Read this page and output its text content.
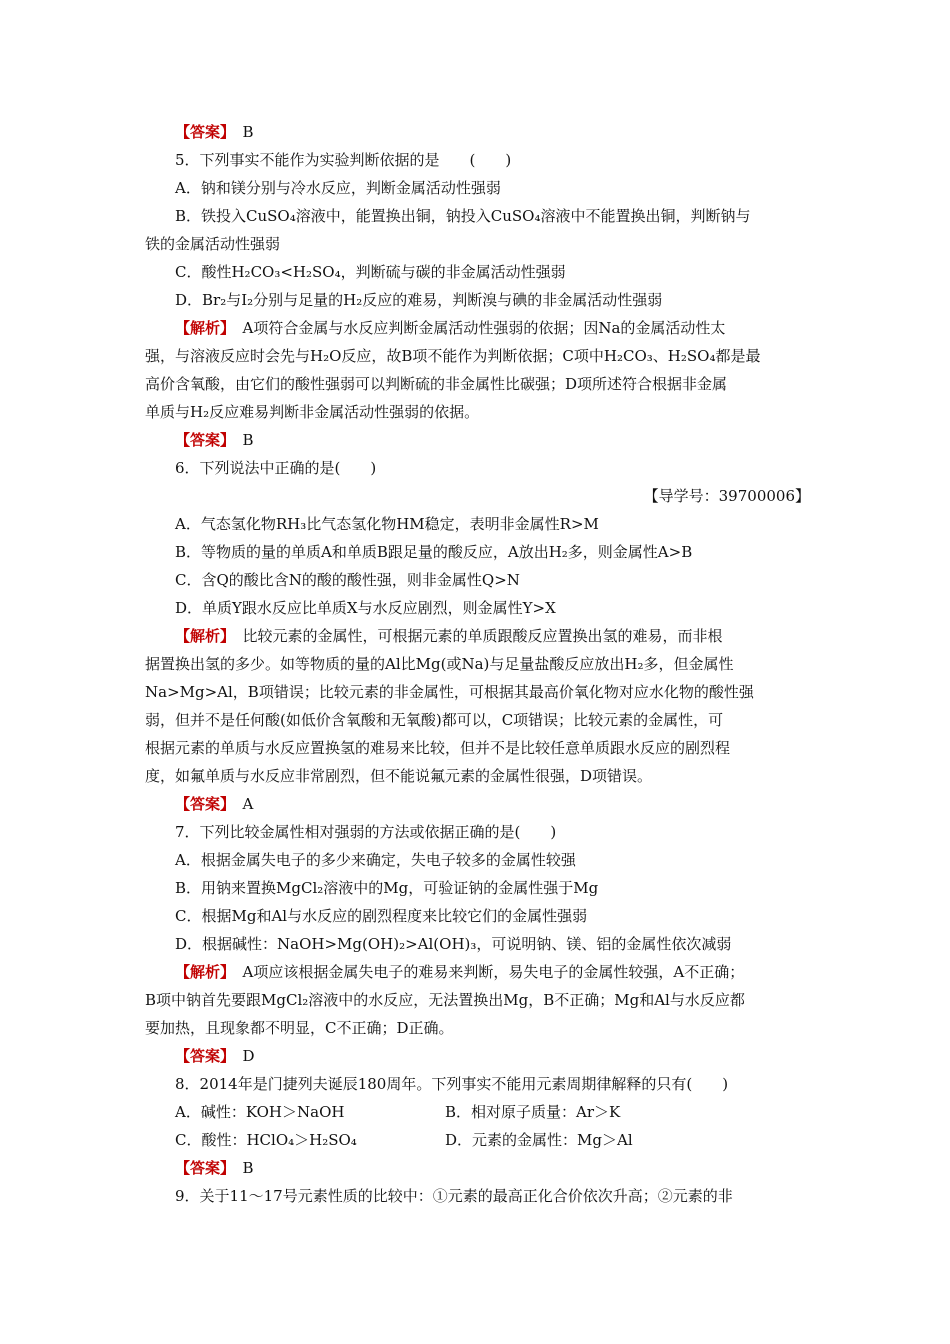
【答案】　 B
5．下列事实不能作为实验判断依据的是　　(　　)
A．钠和镁分别与冷水反应，判断金属活动性强弱
B．铁投入CuSO₄溶液中，能置换出铜，钠投入CuSO₄溶液中不能置换出铜，判断钠与
铁的金属活动性强弱
C．酸性H₂CO₃<H₂SO₄，判断硫与碳的非金属活动性强弱
D．Br₂与I₂分别与足量的H₂反应的难易，判断溴与碘的非金属活动性强弱
【解析】　 A项符合金属与水反应判断金属活动性强弱的依据；因Na的金属活动性太
强，与溶液反应时会先与H₂O反应，故B项不能作为判断依据；C项中H₂CO₃、H₂SO₄都是最
高价含氧酸，由它们的酸性强弱可以判断硫的非金属性比碳强；D项所述符合根据非金属
单质与H₂反应难易判断非金属活动性强弱的依据。
【答案】　 B
6．下列说法中正确的是(　　)
【导学号：39700006】
A．气态氢化物RH₃比气态氢化物HM稳定，表明非金属性R>M
B．等物质的量的单质A和单质B跟足量的酸反应，A放出H₂多，则金属性A>B
C．含Q的酸比含N的酸的酸性强，则非金属性Q>N
D．单质Y跟水反应比单质X与水反应剧烈，则金属性Y>X
【解析】　 比较元素的金属性，可根据元素的单质跟酸反应置换出氢的难易，而非根
据置换出氢的多少。如等物质的量的Al比Mg(或Na)与足量盐酸反应放出H₂多，但金属性
Na>Mg>Al，B项错误；比较元素的非金属性，可根据其最高价氧化物对应水化物的酸性强
弱，但并不是任何酸(如低价含氧酸和无氧酸)都可以，C项错误；比较元素的金属性，可
根据元素的单质与水反应置换氢的难易来比较，但并不是比较任意单质跟水反应的剧烈程
度，如氟单质与水反应非常剧烈，但不能说氟元素的金属性很强，D项错误。
【答案】　 A
7．下列比较金属性相对强弱的方法或依据正确的是(　　)
A．根据金属失电子的多少来确定，失电子较多的金属性较强
B．用钠来置换MgCl₂溶液中的Mg，可验证钠的金属性强于Mg
C．根据Mg和Al与水反应的剧烈程度来比较它们的金属性强弱
D．根据碱性：NaOH>Mg(OH)₂>Al(OH)₃，可说明钠、镁、铝的金属性依次减弱
【解析】　 A项应该根据金属失电子的难易来判断，易失电子的金属性较强，A不正确；
B项中钠首先要跟MgCl₂溶液中的水反应，无法置换出Mg，B不正确；Mg和Al与水反应都
要加热，且现象都不明显，C不正确；D正确。
【答案】　 D
8．2014年是门捷列夫诞辰180周年。下列事实不能用元素周期律解释的只有(　　)
A．碱性：KOH＞NaOH	B．相对原子质量：Ar＞K
C．酸性：HClO₄＞H₂SO₄	D．元素的金属性：Mg＞Al
【答案】　 B
9．关于11～17号元素性质的比较中：①元素的最高正化合价依次升高；②元素的非
